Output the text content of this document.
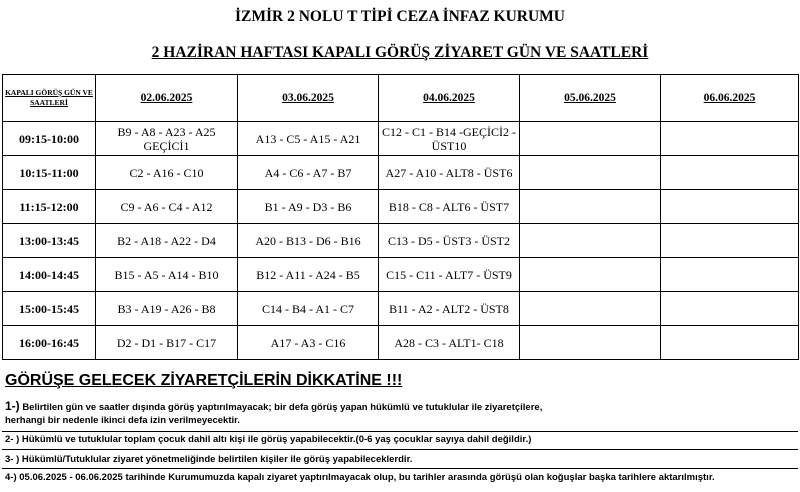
İZMİR 2 NOLU T TİPİ CEZA İNFAZ KURUMU
2 HAZİRAN HAFTASI KAPALI GÖRÜŞ ZİYARET GÜN VE SAATLERİ
KAPALI GÖRÜŞ GÜN VE SAATLERİ	02.06.2025	03.06.2025	04.06.2025	05.06.2025	06.06.2025
09:15-10:00	B9 - A8 - A23 - A25 GEÇİCİ1	A13 - C5 - A15 - A21	C12 - C1 - B14 -GEÇİCİ2 - ÜST10		
10:15-11:00	C2 - A16 - C10	A4 - C6 - A7 - B7	A27 - A10 - ALT8 - ÜST6		
11:15-12:00	C9 - A6 - C4 - A12	B1 - A9 - D3 - B6	B18 - C8 - ALT6 - ÜST7		
13:00-13:45	B2 - A18 - A22 - D4	A20 - B13 - D6 - B16	C13 - D5 - ÜST3 - ÜST2		
14:00-14:45	B15 - A5 - A14 - B10	B12 - A11 - A24 - B5	C15 - C11 - ALT7 - ÜST9		
15:00-15:45	B3 - A19 - A26 - B8	C14 - B4 - A1 - C7	B11 - A2 - ALT2 - ÜST8		
16:00-16:45	D2 - D1 - B17 - C17	A17 - A3 - C16	A28 - C3 - ALT1- C18		
GÖRÜŞE GELECEK ZİYARETÇİLERİN DİKKATİNE !!!
1-) Belirtilen gün ve saatler dışında görüş yaptırılmayacak; bir defa görüş yapan hükümlü ve tutuklular ile ziyaretçilere,
herhangi bir nedenle ikinci defa izin verilmeyecektir.
2- ) Hükümlü ve tutuklular toplam çocuk dahil altı kişi ile görüş yapabilecektir.(0-6 yaş çocuklar sayıya dahil değildir.)
3- ) Hükümlü/Tutuklular ziyaret yönetmeliğinde belirtilen kişiler ile görüş yapabileceklerdir.
4-) 05.06.2025 - 06.06.2025 tarihinde Kurumumuzda kapalı ziyaret yaptırılmayacak olup, bu tarihler arasında görüşü olan koğuşlar başka tarihlere aktarılmıştır.
